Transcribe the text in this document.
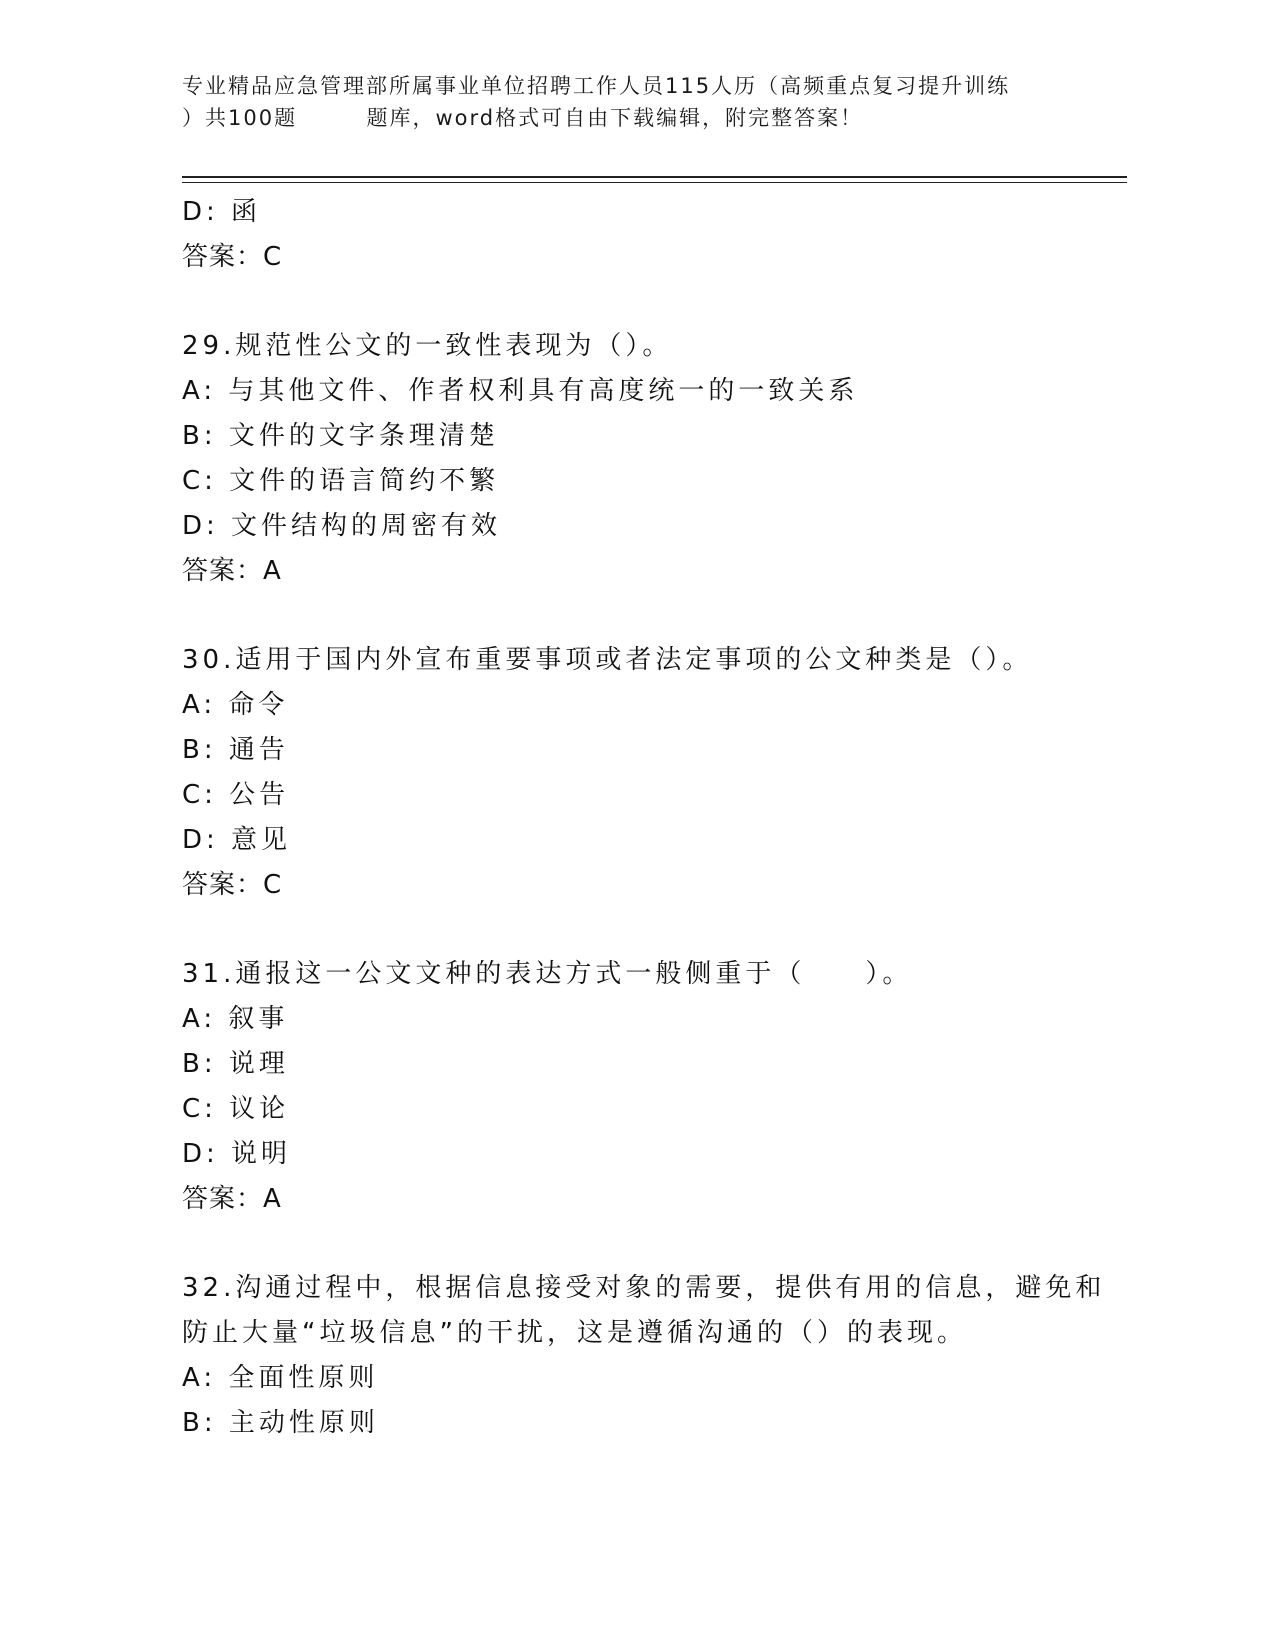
专业精品应急管理部所属事业单位招聘工作人员115人历（高频重点复习提升训练
）共100题        题库，word格式可自由下载编辑，附完整答案！
D: 函
答案：C
29.规范性公文的一致性表现为（）。
A: 与其他文件、作者权利具有高度统一的一致关系
B: 文件的文字条理清楚
C: 文件的语言简约不繁
D: 文件结构的周密有效
答案：A
30.适用于国内外宣布重要事项或者法定事项的公文种类是（）。
A: 命令
B: 通告
C: 公告
D: 意见
答案：C
31.通报这一公文文种的表达方式一般侧重于（　　）。
A: 叙事
B: 说理
C: 议论
D: 说明
答案：A
32.沟通过程中，根据信息接受对象的需要，提供有用的信息，避免和
防止大量“垃圾信息”的干扰，这是遵循沟通的（）的表现。
A: 全面性原则
B: 主动性原则
